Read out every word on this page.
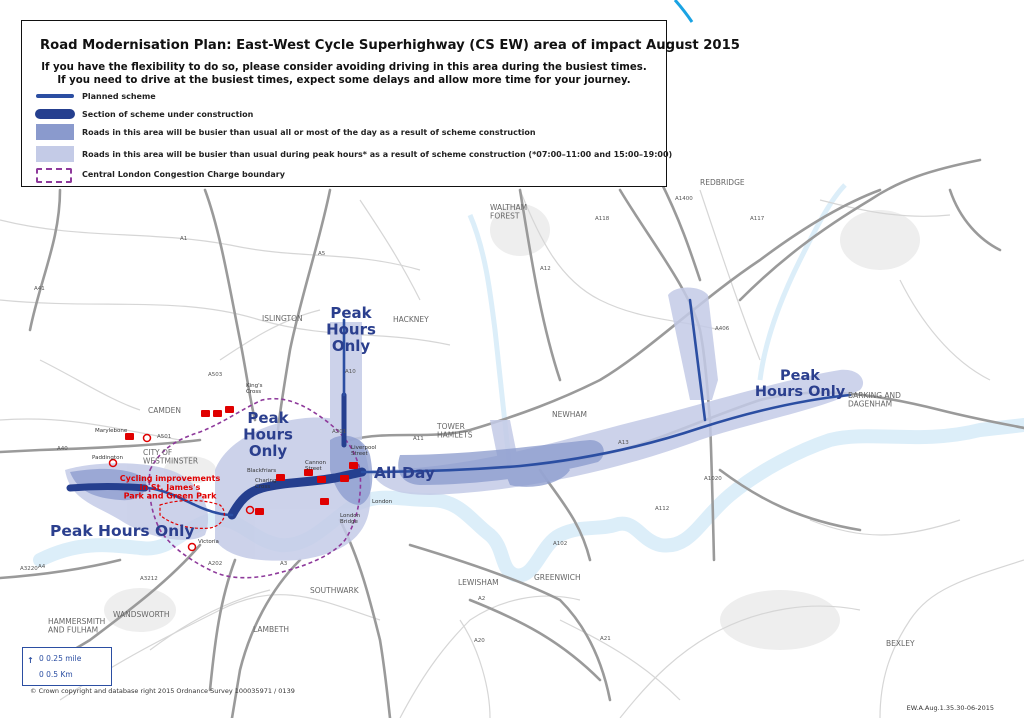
REDBRIDGE
WALTHAM FOREST
ISLINGTON	HACKNEY
CAMDEN
CITY OF WESTMINSTER
TOWER HAMLETS
NEWHAM
BARKING AND DAGENHAM
SOUTHWARK
LEWISHAM
GREENWICH
WANDSWORTH
LAMBETH
HAMMERSMITH AND FULHAM
BEXLEY
Marylebone
Paddington
King's Cross
Liverpool Street
Cannon Street
Blackfriars
Charing Cross
London Bridge
Victoria
London
A1
A5
A10
A11
A12
A13
A40
A41
A102
A112
A117
A118
A201
A202
A2
A20	A21
A3
A3212
A3220 A4
A406
A501
A503
A1020
A1400
Peak Hours Only
Peak Hours Only
Peak Hours Only
All Day
Peak Hours Only
Cycling improvements in St. James's Park and Green Park
Road Modernisation Plan: East-West Cycle Superhighway (CS EW) area of impact August 2015
If you have the flexibility to do so, please consider avoiding driving in this area during the busiest times.
If you need to drive at the busiest times, expect some delays and allow more time for your journey.
Planned scheme
Section of scheme under construction
Roads in this area will be busier than usual all or most of the day as a result of scheme construction
Roads in this area will be busier than usual during peak hours* as a result of scheme construction (*07:00–11:00 and 15:00–19:00)
Central London Congestion Charge boundary
↑ 0 0.25 mile
0 0.5 Km
© Crown copyright and database right 2015 Ordnance Survey 100035971 / 0139
EW.A.Aug.1.35.30-06-2015
